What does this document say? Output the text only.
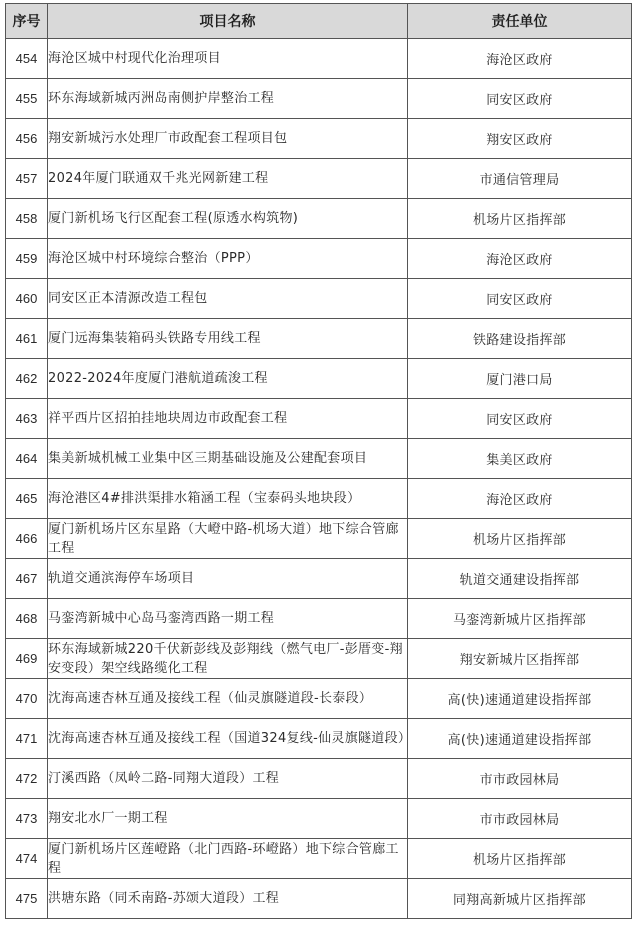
序号	项目名称	责任单位
454	海沧区城中村现代化治理项目	海沧区政府
455	环东海域新城丙洲岛南侧护岸整治工程	同安区政府
456	翔安新城污水处理厂市政配套工程项目包	翔安区政府
457	2024年厦门联通双千兆光网新建工程	市通信管理局
458	厦门新机场飞行区配套工程(原透水构筑物)	机场片区指挥部
459	海沧区城中村环境综合整治（PPP）	海沧区政府
460	同安区正本清源改造工程包	同安区政府
461	厦门远海集装箱码头铁路专用线工程	铁路建设指挥部
462	2022-2024年度厦门港航道疏浚工程	厦门港口局
463	祥平西片区招拍挂地块周边市政配套工程	同安区政府
464	集美新城机械工业集中区三期基础设施及公建配套项目	集美区政府
465	海沧港区4#排洪渠排水箱涵工程（宝泰码头地块段）	海沧区政府
466	厦门新机场片区东星路（大嶝中路-机场大道）地下综合管廊工程	机场片区指挥部
467	轨道交通滨海停车场项目	轨道交通建设指挥部
468	马銮湾新城中心岛马銮湾西路一期工程	马銮湾新城片区指挥部
469	环东海域新城220千伏新彭线及彭翔线（燃气电厂-彭厝变-翔安变段）架空线路缆化工程	翔安新城片区指挥部
470	沈海高速杏林互通及接线工程（仙灵旗隧道段-长泰段）	高(快)速通道建设指挥部
471	沈海高速杏林互通及接线工程（国道324复线-仙灵旗隧道段）	高(快)速通道建设指挥部
472	汀溪西路（凤岭二路-同翔大道段）工程	市市政园林局
473	翔安北水厂一期工程	市市政园林局
474	厦门新机场片区莲嶝路（北门西路-环嶝路）地下综合管廊工程	机场片区指挥部
475	洪塘东路（同禾南路-苏颂大道段）工程	同翔高新城片区指挥部
